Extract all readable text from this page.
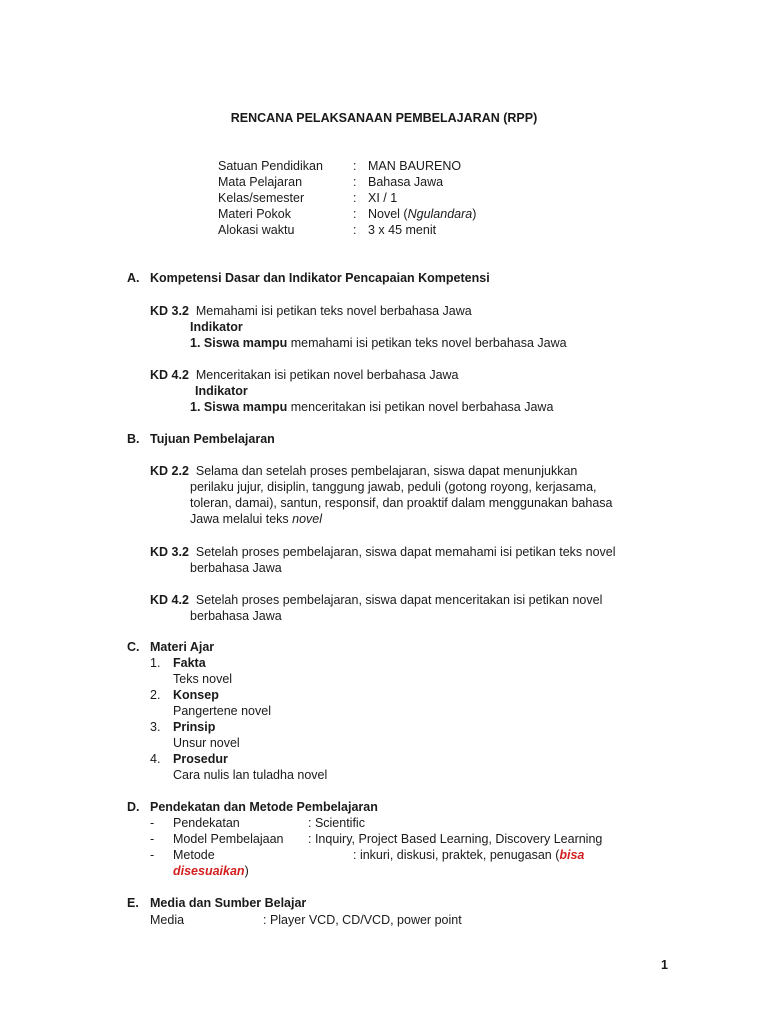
RENCANA PELAKSANAAN PEMBELAJARAN (RPP)
Satuan Pendidikan : MAN BAURENO
Mata Pelajaran	: Bahasa Jawa
Kelas/semester	: XI / 1
Materi Pokok	: Novel (Ngulandara)
Alokasi waktu	: 3 x 45 menit
A. Kompetensi Dasar dan Indikator Pencapaian Kompetensi
KD 3.2 Memahami isi petikan teks novel berbahasa Jawa
Indikator
1. Siswa mampu memahami isi petikan teks novel berbahasa Jawa
KD 4.2 Menceritakan isi petikan novel berbahasa Jawa
Indikator
1. Siswa mampu menceritakan isi petikan novel berbahasa Jawa
B. Tujuan Pembelajaran
KD 2.2 Selama dan setelah proses pembelajaran, siswa dapat menunjukkan
perilaku jujur, disiplin, tanggung jawab, peduli (gotong royong, kerjasama,
toleran, damai), santun, responsif, dan proaktif dalam menggunakan bahasa
Jawa melalui teks novel
KD 3.2 Setelah proses pembelajaran, siswa dapat memahami isi petikan teks novel
berbahasa Jawa
KD 4.2 Setelah proses pembelajaran, siswa dapat menceritakan isi petikan novel
berbahasa Jawa
C. Materi Ajar
1. Fakta
Teks novel
2. Konsep
Pangertene novel
3. Prinsip
Unsur novel
4. Prosedur
Cara nulis lan tuladha novel
D. Pendekatan dan Metode Pembelajaran
- Pendekatan	: Scientific
- Model Pembelajaan : Inquiry, Project Based Learning, Discovery Learning
- Metode	: inkuri, diskusi, praktek, penugasan (bisa
disesuaikan)
E. Media dan Sumber Belajar
Media	: Player VCD, CD/VCD, power point
1
